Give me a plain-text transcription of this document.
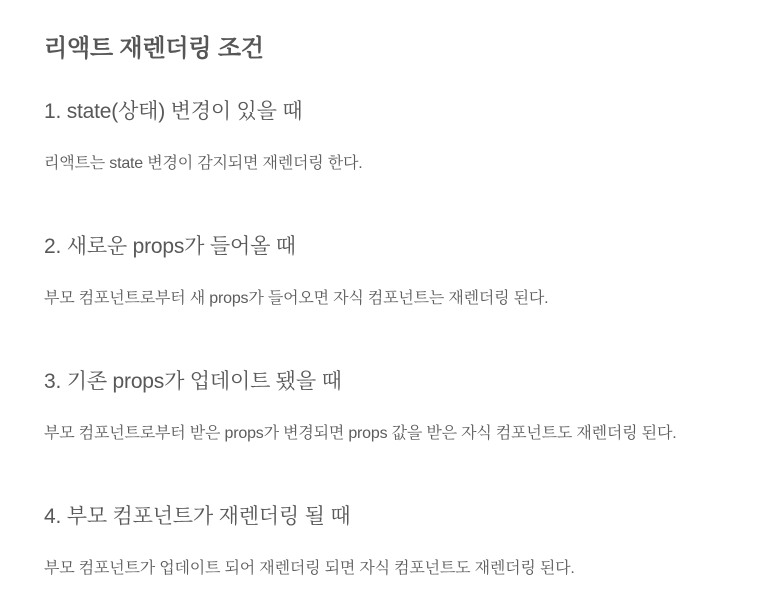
리액트 재렌더링 조건
1. state(상태) 변경이 있을 때

리액트는 state 변경이 감지되면 재렌더링 한다.

2. 새로운 props가 들어올 때

부모 컴포넌트로부터 새 props가 들어오면 자식 컴포넌트는 재렌더링 된다.

3. 기존 props가 업데이트 됐을 때

부모 컴포넌트로부터 받은 props가 변경되면 props 값을 받은 자식 컴포넌트도 재렌더링 된다.

4. 부모 컴포넌트가 재렌더링 될 때

부모 컴포넌트가 업데이트 되어 재렌더링 되면 자식 컴포넌트도 재렌더링 된다.
